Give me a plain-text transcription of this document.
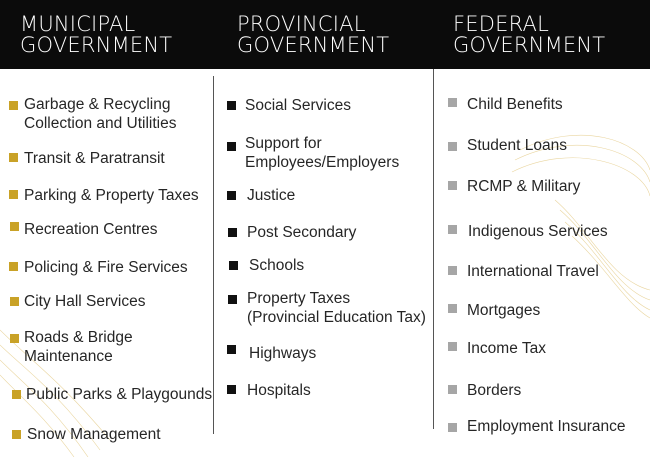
MUNICIPAL
GOVERNMENT
PROVINCIAL
GOVERNMENT
FEDERAL
GOVERNMENT
Garbage & Recycling
Collection and Utilities
Transit & Paratransit
Parking & Property Taxes
Recreation Centres
Policing & Fire Services
City Hall Services
Roads & Bridge
Maintenance
Public Parks & Playgounds
Snow Management
Social Services
Support for
Employees/Employers
Justice
Post Secondary
Schools
Property Taxes
(Provincial Education Tax)
Highways
Hospitals
Child Benefits
Student Loans
RCMP & Military
Indigenous Services
International Travel
Mortgages
Income Tax
Borders
Employment Insurance
